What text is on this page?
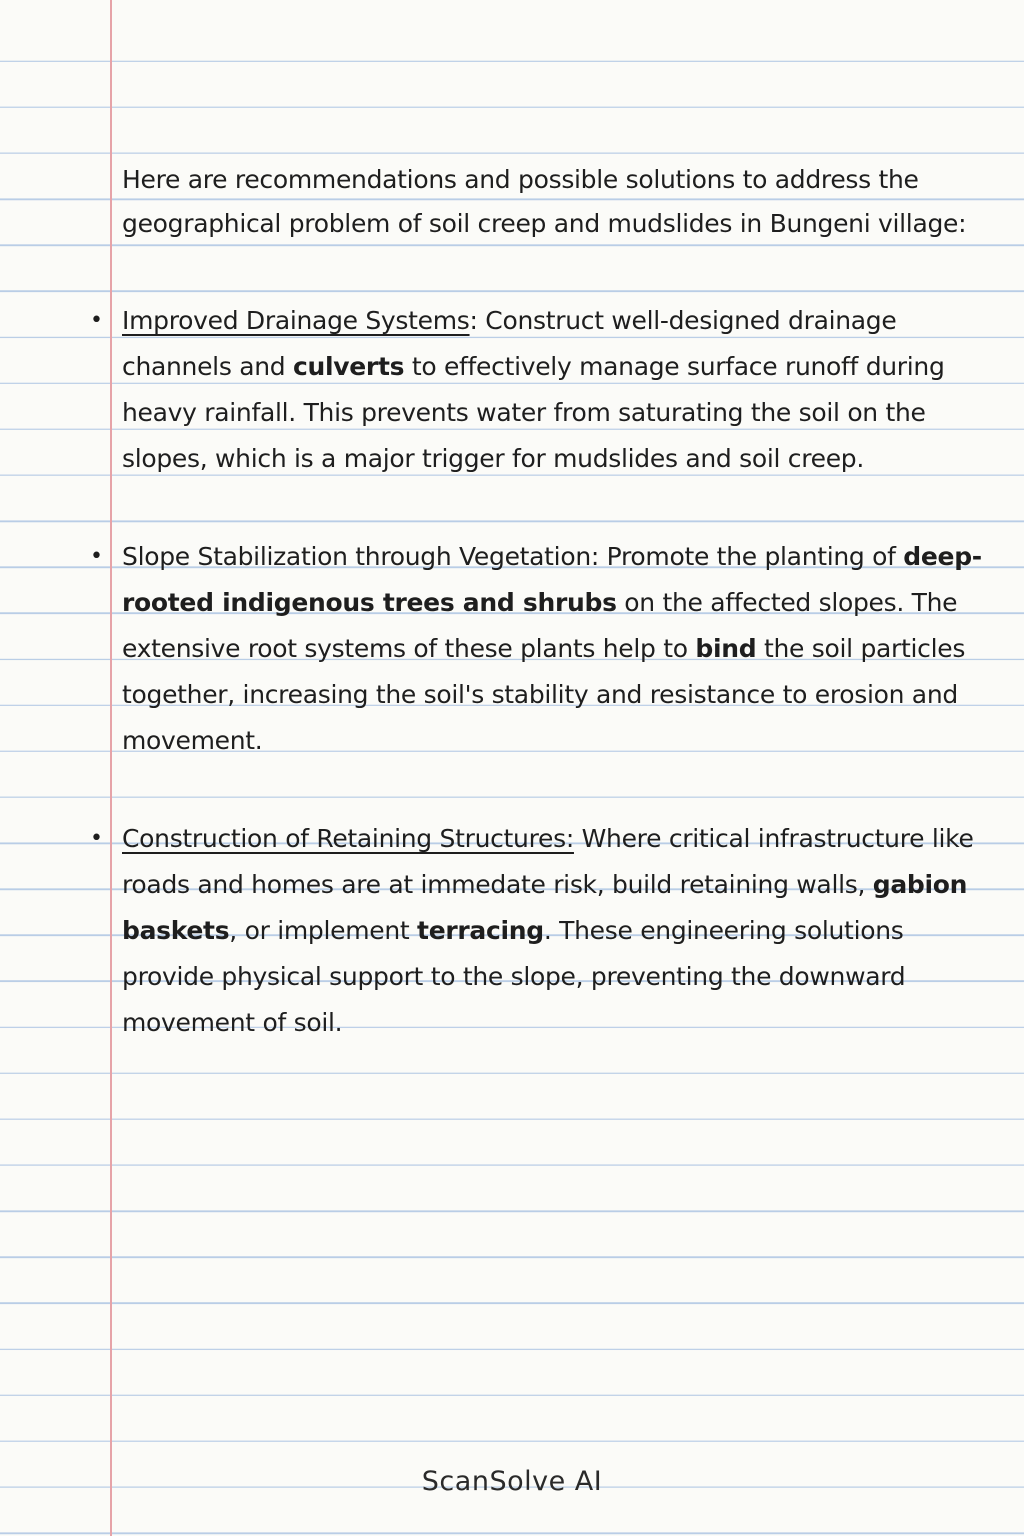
Here are recommendations and possible solutions to address the geographical problem of soil creep and mudslides in Bungeni village:

• Improved Drainage Systems: Construct well-designed drainage channels and culverts to effectively manage surface runoff during heavy rainfall. This prevents water from saturating the soil on the slopes, which is a major trigger for mudslides and soil creep.
• Slope Stabilization through Vegetation: Promote the planting of deep-rooted indigenous trees and shrubs on the affected slopes. The extensive root systems of these plants help to bind the soil particles together, increasing the soil's stability and resistance to erosion and movement.
• Construction of Retaining Structures: Where critical infrastructure like roads and homes are at immedate risk, build retaining walls, gabion baskets, or implement terracing. These engineering solutions provide physical support to the slope, preventing the downward movement of soil.
ScanSolve AI
